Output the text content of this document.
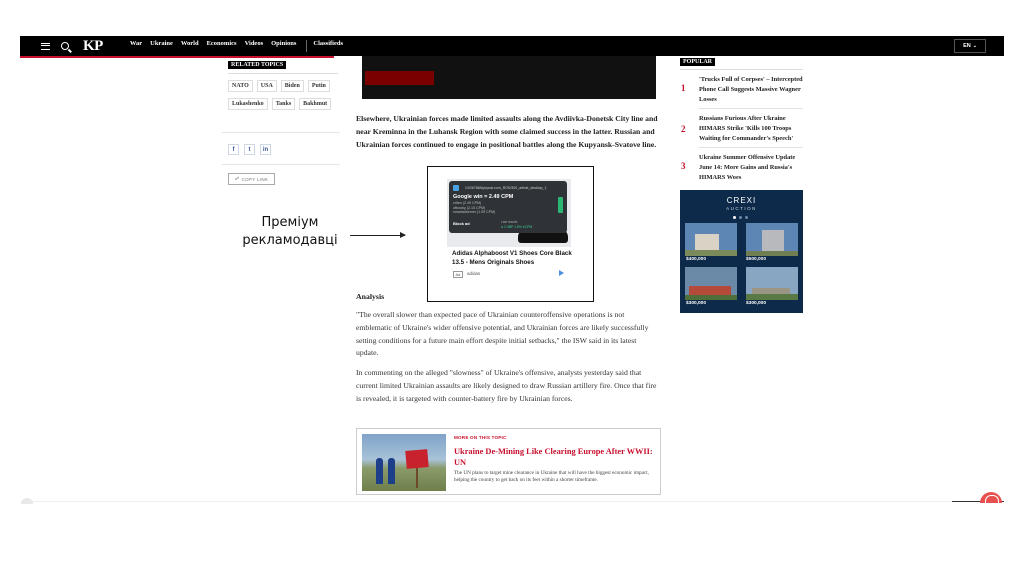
KP	War Ukraine World Economics Videos Opinions	Classifieds	EN ⌄
RELATED TOPICS
NATO	USA	Biden	Putin
Lukashenko	Tanks	Bakhmut
f	t	in
☍ COPY LINK
Преміум рекламодавці

Elsewhere, Ukrainian forces made limited assaults along the Avdiivka-Donetsk City line and near Kreminna in the Luhansk Region with some claimed success in the latter. Russian and Ukrainian forces continued to engage in positional battles along the Kupyansk-Svatove line.

/1026768/kyivpost.com_ROS/300_article_desktop_1
Google win = 2.49 CPM
criteo (2.49 CPM)
ofbooby (2.15 CPM)
smartadserver (1.59 CPM)
Block ad	Last results
● 2.3BP 1.5% eCPM
Adidas Alphaboost V1 Shoes Core Black 13.5 - Mens Originals Shoes
Ad	adidas
Analysis

"The overall slower than expected pace of Ukrainian counteroffensive operations is not emblematic of Ukraine's wider offensive potential, and Ukrainian forces are likely successfully setting conditions for a future main effort despite initial setbacks," the ISW said in its latest update.

In commenting on the alleged "slowness" of Ukraine's offensive, analysts yesterday said that current limited Ukrainian assaults are likely designed to draw Russian artillery fire. Once that fire is revealed, it is targeted with counter-battery fire by Ukrainian forces.

MORE ON THIS TOPIC
Ukraine De-Mining Like Clearing Europe After WWII: UN
The UN plans to target mine clearance in Ukraine that will have the biggest economic impact, helping the country to get back on its feet within a shorter timeframe.
POPULAR
1
'Trucks Full of Corpses' – Intercepted Phone Call Suggests Massive Wagner Losses
2
Russians Furious After Ukraine HIMARS Strike 'Kills 100 Troops Waiting for Commander's Speech'
3
Ukraine Summer Offensive Update June 14: More Gains and Russia's HIMARS Woes
CREXI
AUCTION
$400,000	$500,000
$300,000	$300,000
